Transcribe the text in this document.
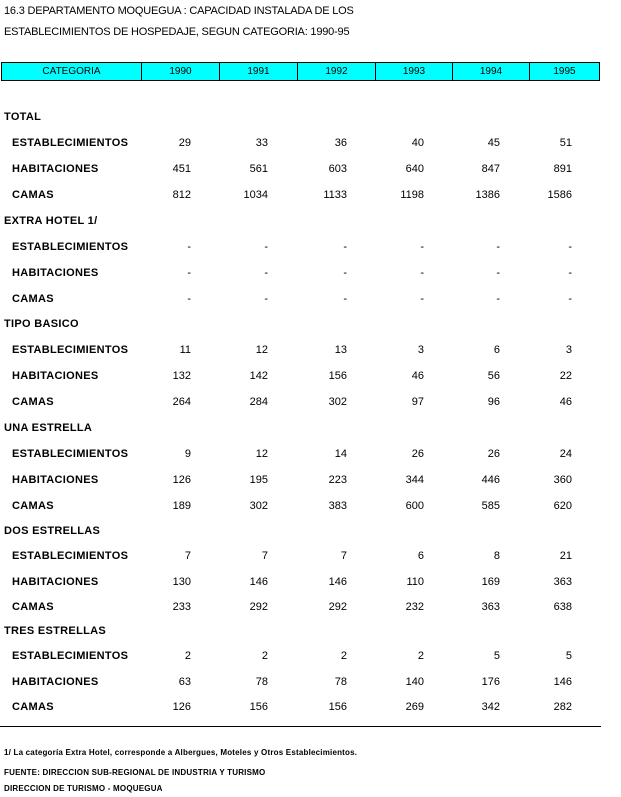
16.3 DEPARTAMENTO MOQUEGUA : CAPACIDAD INSTALADA DE LOS
ESTABLECIMIENTOS DE HOSPEDAJE, SEGUN CATEGORIA: 1990-95
CATEGORIA	1990	1991	1992	1993	1994	1995
TOTAL
ESTABLECIMIENTOS	29	33	36	40	45	51
HABITACIONES	451	561	603	640	847	891
CAMAS	812	1034	1133	1198	1386	1586
EXTRA HOTEL 1/
ESTABLECIMIENTOS	-	-	-	-	-	-
HABITACIONES	-	-	-	-	-	-
CAMAS	-	-	-	-	-	-
TIPO BASICO
ESTABLECIMIENTOS	11	12	13	3	6	3
HABITACIONES	132	142	156	46	56	22
CAMAS	264	284	302	97	96	46
UNA ESTRELLA
ESTABLECIMIENTOS	9	12	14	26	26	24
HABITACIONES	126	195	223	344	446	360
CAMAS	189	302	383	600	585	620
DOS ESTRELLAS
ESTABLECIMIENTOS	7	7	7	6	8	21
HABITACIONES	130	146	146	110	169	363
CAMAS	233	292	292	232	363	638
TRES ESTRELLAS
ESTABLECIMIENTOS	2	2	2	2	5	5
HABITACIONES	63	78	78	140	176	146
CAMAS	126	156	156	269	342	282
1/ La categoría Extra Hotel, corresponde a Albergues, Moteles y Otros Establecimientos.
FUENTE: DIRECCION SUB-REGIONAL DE INDUSTRIA Y TURISMO
DIRECCION DE TURISMO - MOQUEGUA
